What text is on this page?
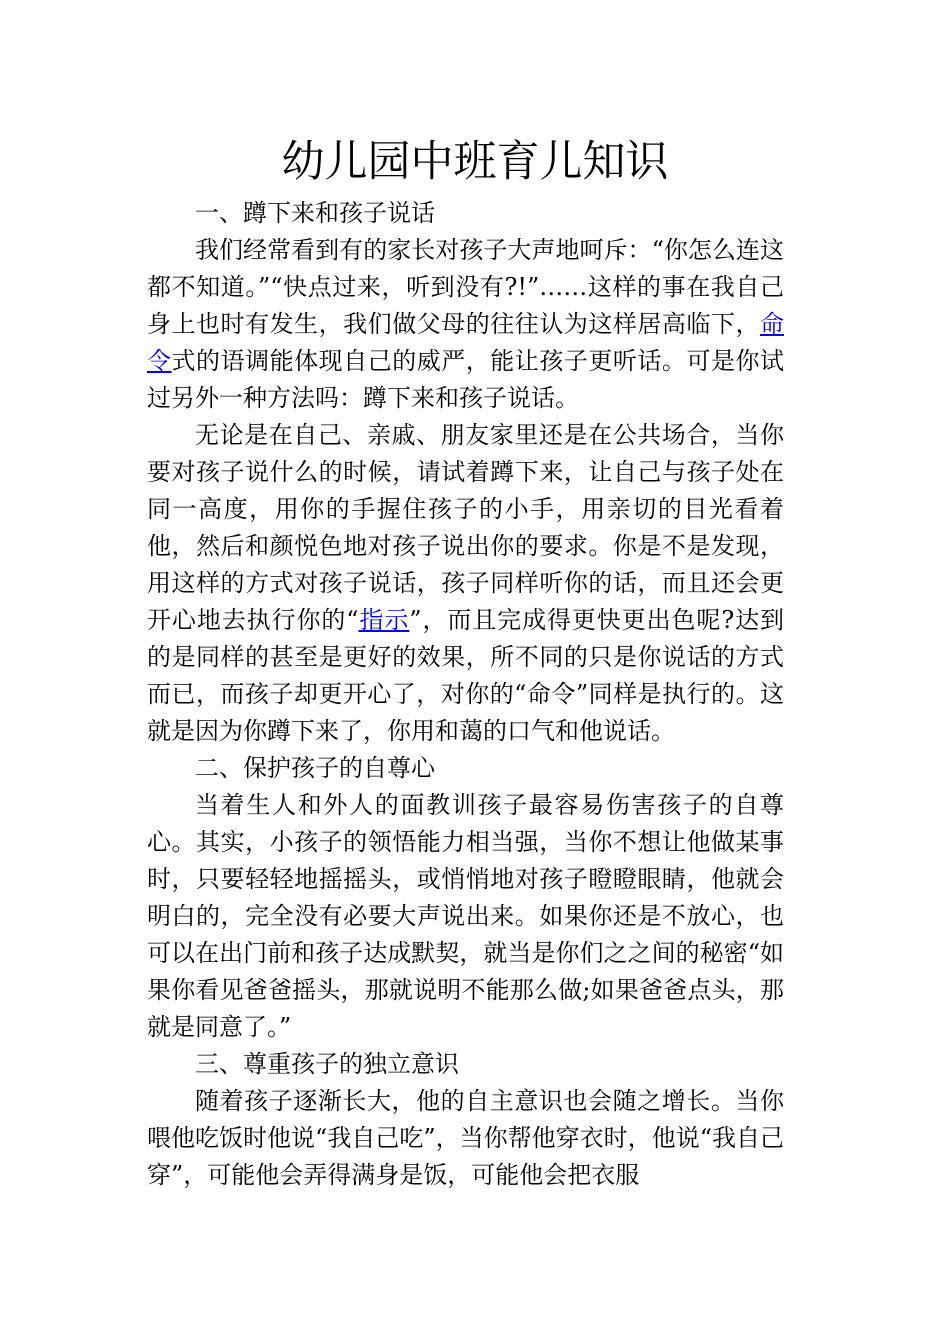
幼儿园中班育儿知识

一、蹲下来和孩子说话

我们经常看到有的家长对孩子大声地呵斥：“你怎么连这都不知道。”“快点过来，听到没有?!”……这样的事在我自己身上也时有发生，我们做父母的往往认为这样居高临下，命令式的语调能体现自己的威严，能让孩子更听话。可是你试过另外一种方法吗：蹲下来和孩子说话。

无论是在自己、亲戚、朋友家里还是在公共场合，当你要对孩子说什么的时候，请试着蹲下来，让自己与孩子处在同一高度，用你的手握住孩子的小手，用亲切的目光看着他，然后和颜悦色地对孩子说出你的要求。你是不是发现，用这样的方式对孩子说话，孩子同样听你的话，而且还会更开心地去执行你的“指示”，而且完成得更快更出色呢?达到的是同样的甚至是更好的效果，所不同的只是你说话的方式而已，而孩子却更开心了，对你的“命令”同样是执行的。这就是因为你蹲下来了，你用和蔼的口气和他说话。

二、保护孩子的自尊心

当着生人和外人的面教训孩子最容易伤害孩子的自尊心。其实，小孩子的领悟能力相当强，当你不想让他做某事时，只要轻轻地摇摇头，或悄悄地对孩子瞪瞪眼睛，他就会明白的，完全没有必要大声说出来。如果你还是不放心，也可以在出门前和孩子达成默契，就当是你们之之间的秘密“如果你看见爸爸摇头，那就说明不能那么做;如果爸爸点头，那就是同意了。”

三、尊重孩子的独立意识

随着孩子逐渐长大，他的自主意识也会随之增长。当你喂他吃饭时他说“我自己吃”，当你帮他穿衣时，他说“我自己穿”，可能他会弄得满身是饭，可能他会把衣服
